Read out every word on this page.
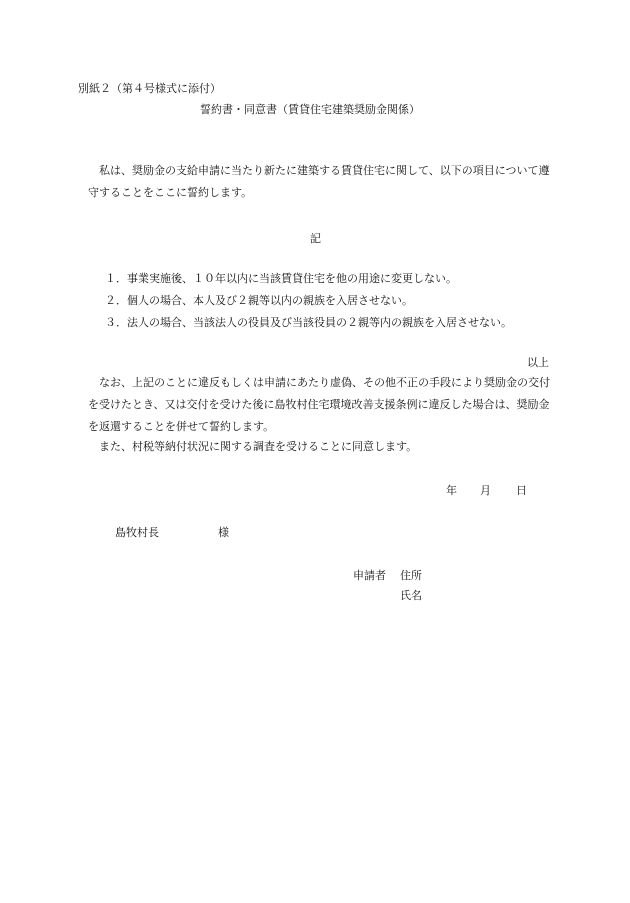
別紙２（第４号様式に添付）
誓約書・同意書（賃貸住宅建築奨励金関係）
　私は、奨励金の支給申請に当たり新たに建築する賃貸住宅に関して、以下の項目について遵守することをここに誓約します。
記
１．事業実施後、１０年以内に当該賃貸住宅を他の用途に変更しない。
２．個人の場合、本人及び２親等以内の親族を入居させない。
３．法人の場合、当該法人の役員及び当該役員の２親等内の親族を入居させない。
以上
　なお、上記のことに違反もしくは申請にあたり虚偽、その他不正の手段により奨励金の交付を受けたとき、又は交付を受けた後に島牧村住宅環境改善支援条例に違反した場合は、奨励金を返還することを併せて誓約します。
　また、村税等納付状況に関する調査を受けることに同意します。
年 月 日
島牧村長	様
申請者 住所
氏名
